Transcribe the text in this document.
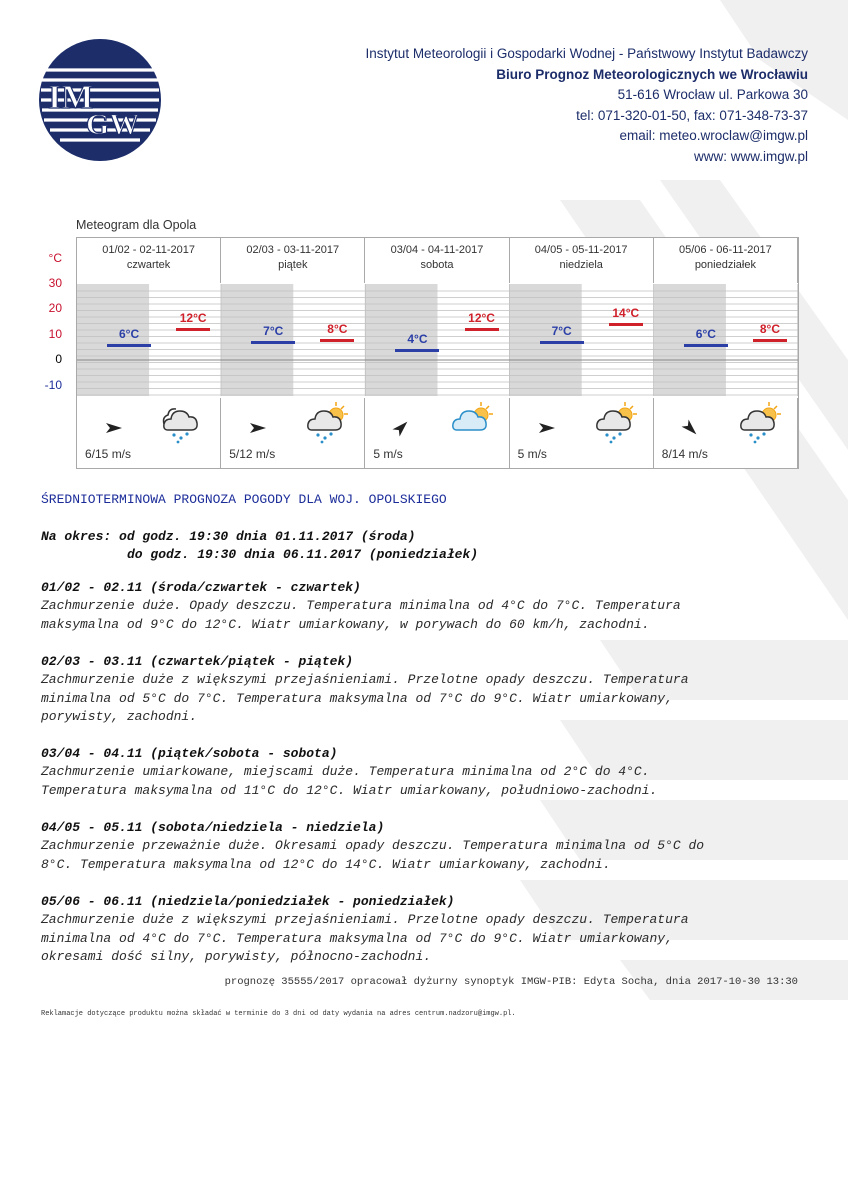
IM
GW
Instytut Meteorologii i Gospodarki Wodnej - Państwowy Instytut Badawczy
Biuro Prognoz Meteorologicznych we Wrocławiu
51-616 Wrocław ul. Parkowa 30
tel: 071-320-01-50, fax: 071-348-73-37
email: meteo.wroclaw@imgw.pl
www: www.imgw.pl
Meteogram dla Opola
°C
30
20
10
0
-10
01/02 - 02-11-2017
czwartek
02/03 - 03-11-2017
piątek
03/04 - 04-11-2017
sobota
04/05 - 05-11-2017
niedziela
05/06 - 06-11-2017
poniedziałek
6/15 m/s	5/12 m/s	5 m/s	5 m/s	8/14 m/s
6°C
12°C
7°C	8°C
4°C
12°C
7°C
14°C
6°C	8°C
ŚREDNIOTERMINOWA PROGNOZA POGODY DLA WOJ. OPOLSKIEGO
Na okres: od godz. 19:30 dnia 01.11.2017 (środa)
do godz. 19:30 dnia 06.11.2017 (poniedziałek)
01/02 - 02.11 (środa/czwartek - czwartek)
Zachmurzenie duże. Opady deszczu. Temperatura minimalna od 4°C do 7°C. Temperatura
maksymalna od 9°C do 12°C. Wiatr umiarkowany, w porywach do 60 km/h, zachodni.
02/03 - 03.11 (czwartek/piątek - piątek)
Zachmurzenie duże z większymi przejaśnieniami. Przelotne opady deszczu. Temperatura
minimalna od 5°C do 7°C. Temperatura maksymalna od 7°C do 9°C. Wiatr umiarkowany,
porywisty, zachodni.
03/04 - 04.11 (piątek/sobota - sobota)
Zachmurzenie umiarkowane, miejscami duże. Temperatura minimalna od 2°C do 4°C.
Temperatura maksymalna od 11°C do 12°C. Wiatr umiarkowany, południowo-zachodni.
04/05 - 05.11 (sobota/niedziela - niedziela)
Zachmurzenie przeważnie duże. Okresami opady deszczu. Temperatura minimalna od 5°C do
8°C. Temperatura maksymalna od 12°C do 14°C. Wiatr umiarkowany, zachodni.
05/06 - 06.11 (niedziela/poniedziałek - poniedziałek)
Zachmurzenie duże z większymi przejaśnieniami. Przelotne opady deszczu. Temperatura
minimalna od 4°C do 7°C. Temperatura maksymalna od 7°C do 9°C. Wiatr umiarkowany,
okresami dość silny, porywisty, północno-zachodni.
prognozę 35555/2017 opracował dyżurny synoptyk IMGW-PIB: Edyta Socha, dnia 2017-10-30 13:30
Reklamacje dotyczące produktu można składać w terminie do 3 dni od daty wydania na adres centrum.nadzoru@imgw.pl.
